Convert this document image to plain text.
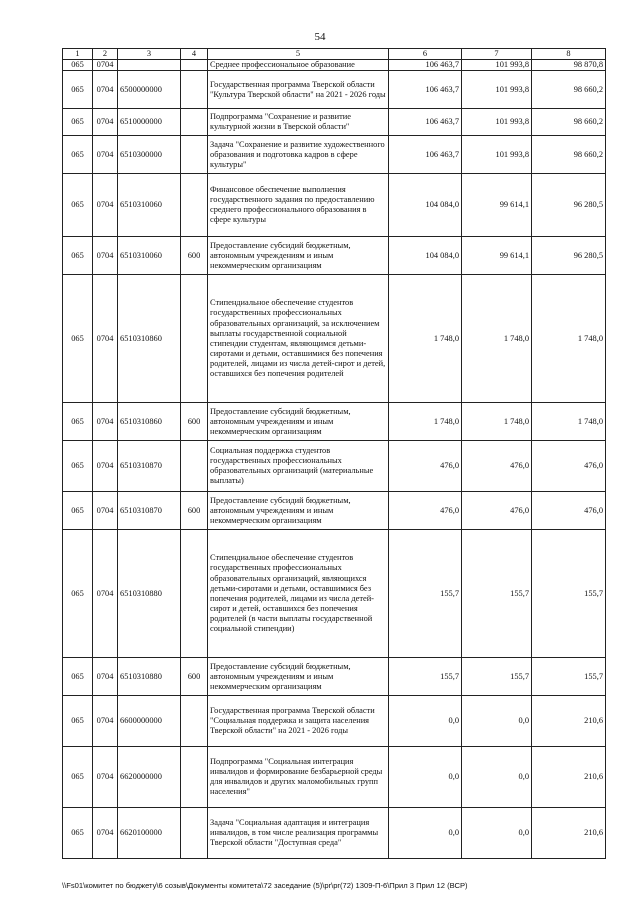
54
1	2	3	4	5	6	7	8
065	0704			Среднее профессиональное образование	106 463,7	101 993,8	98 870,8
065	0704	6500000000		Государственная программа Тверской области "Культура Тверской области" на 2021 - 2026 годы	106 463,7	101 993,8	98 660,2
065	0704	6510000000		Подпрограмма "Сохранение и развитие культурной жизни в Тверской области"	106 463,7	101 993,8	98 660,2
065	0704	6510300000		Задача "Сохранение и развитие художественного образования и подготовка кадров в сфере культуры"	106 463,7	101 993,8	98 660,2
065	0704	6510310060		Финансовое обеспечение выполнения государственного задания по предоставлению среднего профессионального образования в сфере культуры	104 084,0	99 614,1	96 280,5
065	0704	6510310060	600	Предоставление субсидий бюджетным, автономным учреждениям и иным некоммерческим организациям	104 084,0	99 614,1	96 280,5
065	0704	6510310860		Стипендиальное обеспечение студентов государственных профессиональных образовательных организаций, за исключением выплаты государственной социальной стипендии студентам, являющимся детьми-сиротами и детьми, оставшимися без попечения родителей, лицами из числа детей-сирот и детей, оставшихся без попечения родителей	1 748,0	1 748,0	1 748,0
065	0704	6510310860	600	Предоставление субсидий бюджетным, автономным учреждениям и иным некоммерческим организациям	1 748,0	1 748,0	1 748,0
065	0704	6510310870		Социальная поддержка студентов государственных профессиональных образовательных организаций (материальные выплаты)	476,0	476,0	476,0
065	0704	6510310870	600	Предоставление субсидий бюджетным, автономным учреждениям и иным некоммерческим организациям	476,0	476,0	476,0
065	0704	6510310880		Стипендиальное обеспечение студентов государственных профессиональных образовательных организаций, являющихся детьми-сиротами и детьми, оставшимися без попечения родителей, лицами из числа детей-сирот и детей, оставшихся без попечения родителей (в части выплаты государственной социальной стипендии)	155,7	155,7	155,7
065	0704	6510310880	600	Предоставление субсидий бюджетным, автономным учреждениям и иным некоммерческим организациям	155,7	155,7	155,7
065	0704	6600000000		Государственная программа Тверской области "Социальная поддержка и защита населения Тверской области" на 2021 - 2026 годы	0,0	0,0	210,6
065	0704	6620000000		Подпрограмма "Социальная интеграция инвалидов и формирование безбарьерной среды для инвалидов и других маломобильных групп населения"	0,0	0,0	210,6
065	0704	6620100000		Задача "Социальная адаптация и интеграция инвалидов, в том числе реализация программы Тверской области "Доступная среда"	0,0	0,0	210,6
\\Fs01\комитет по бюджету\6 созыв\Документы комитета\72 заседание (5)\pr\pr(72) 1309-П-6\Прил 3 Прил 12 (ВСР)
